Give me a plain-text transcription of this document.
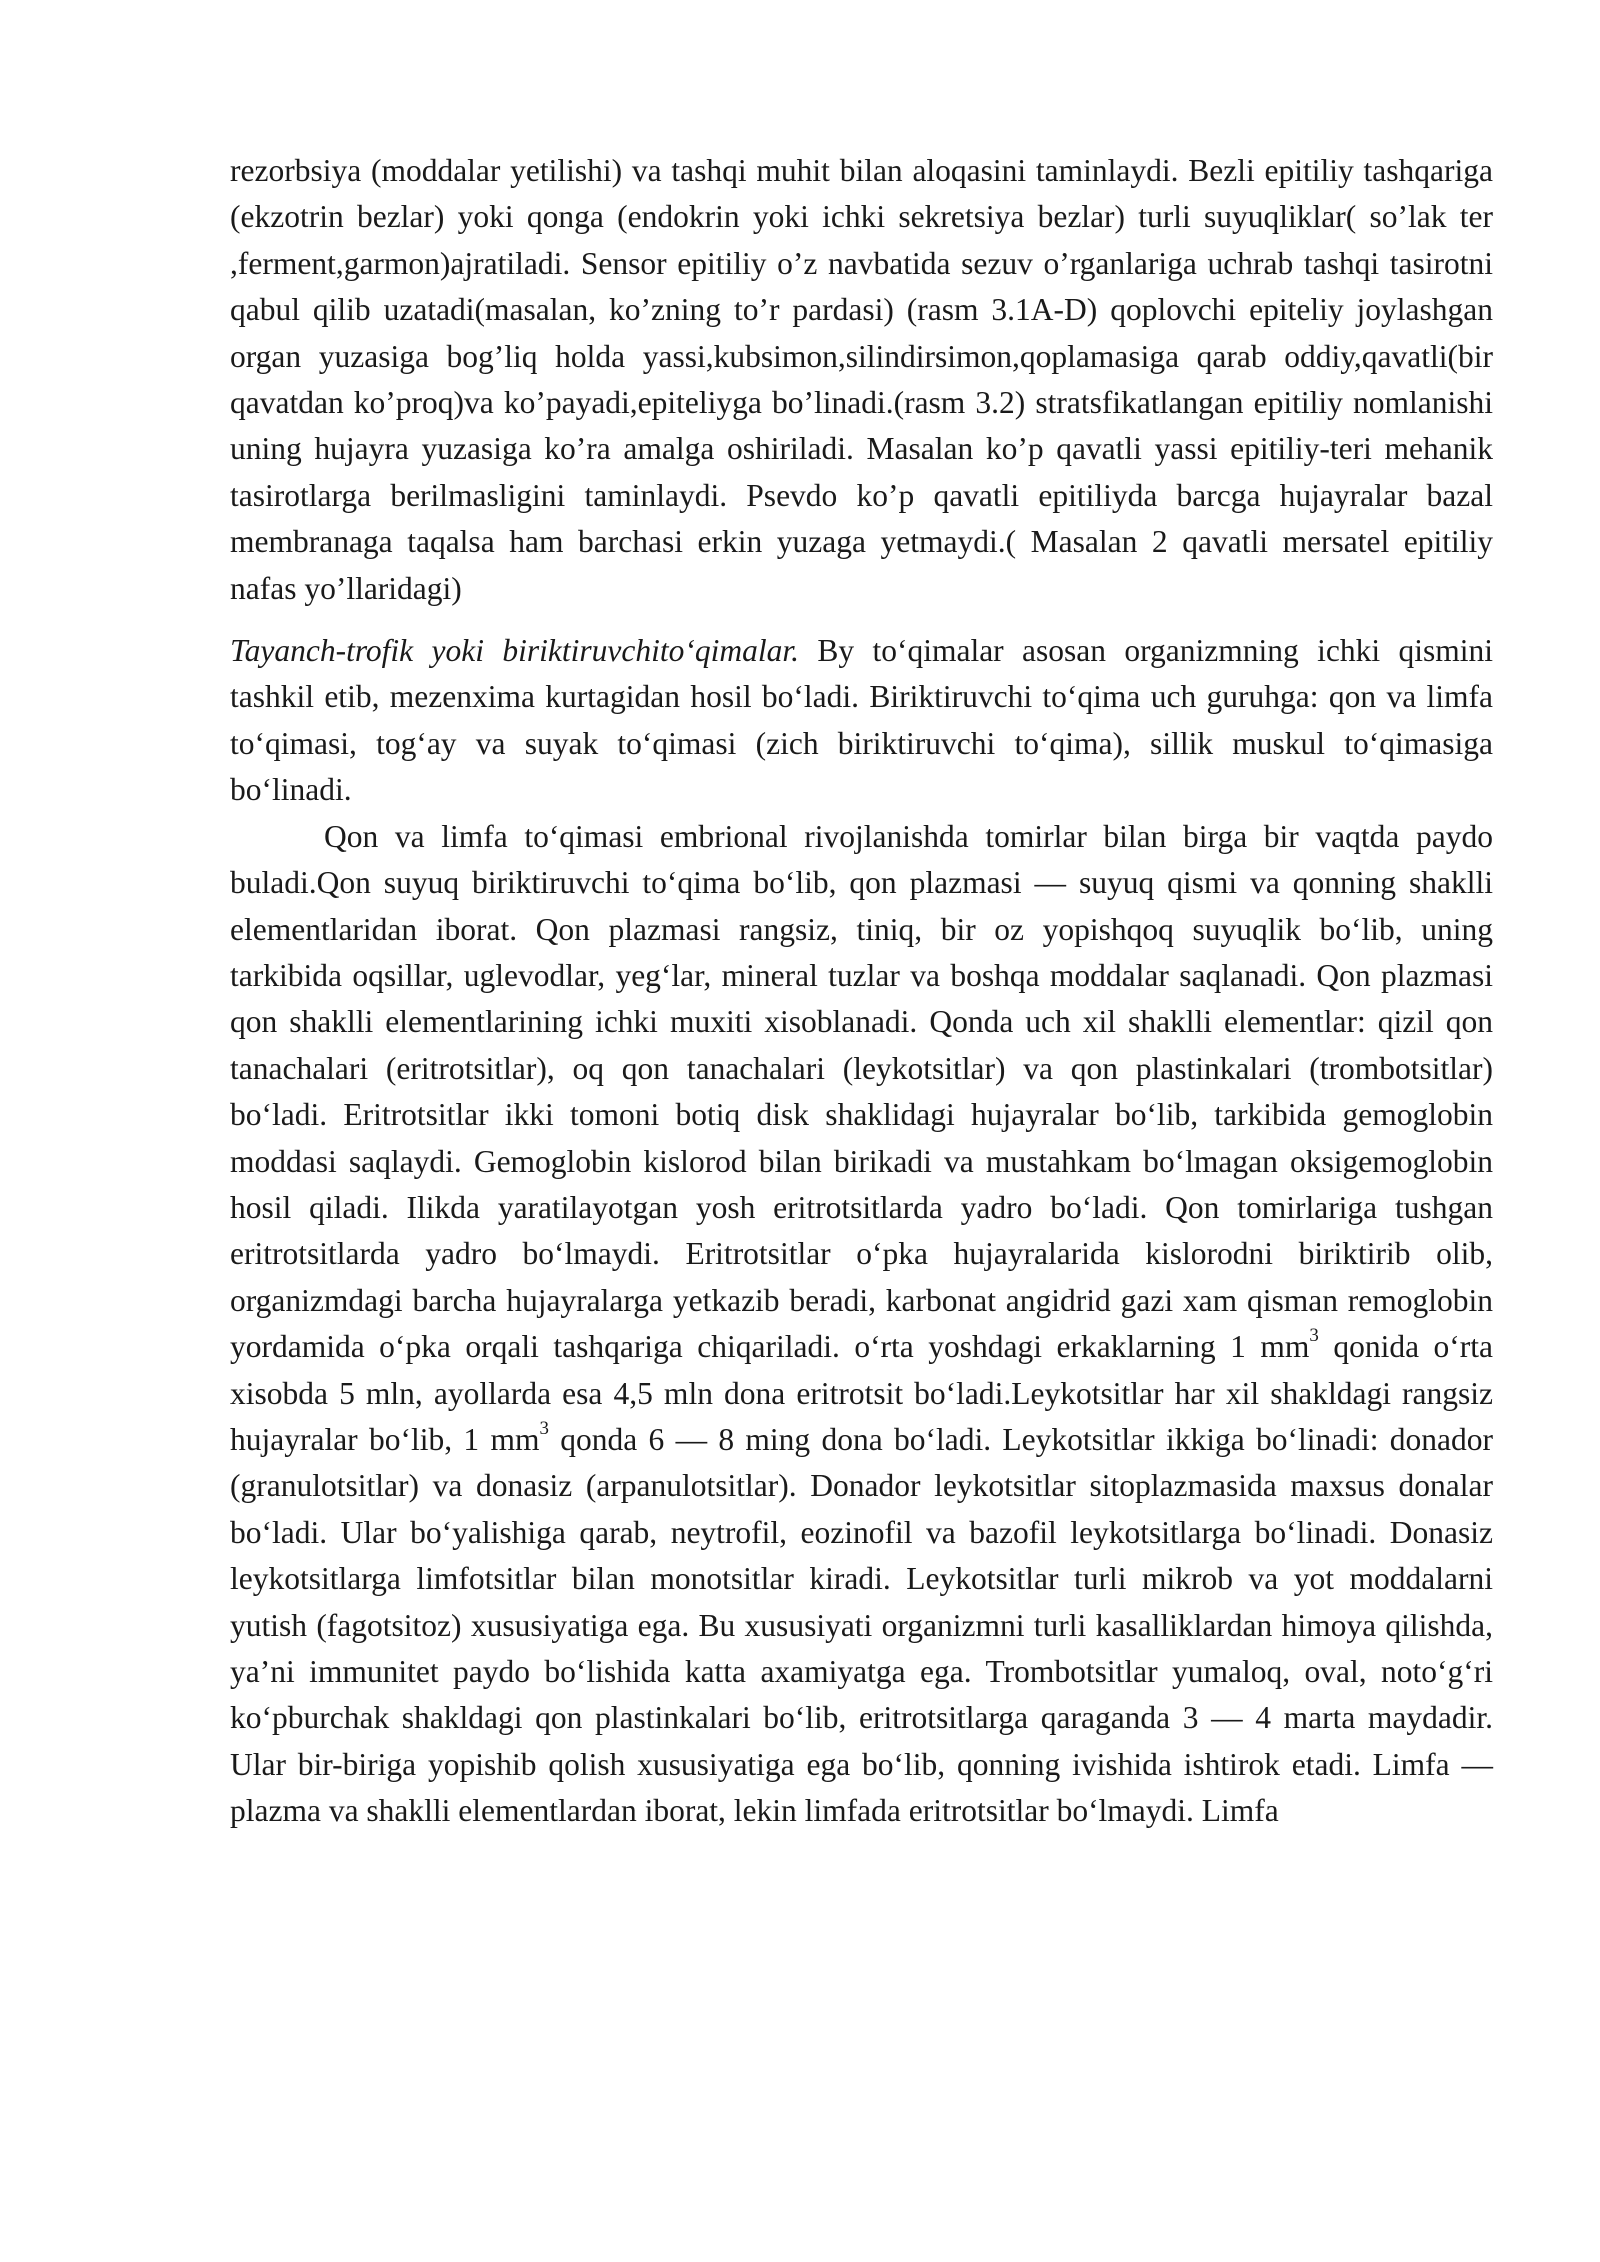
rezorbsiya (moddalar yetilishi) va tashqi muhit bilan aloqasini taminlaydi. Bezli epitiliy tashqariga (ekzotrin bezlar) yoki qonga (endokrin yoki ichki sekretsiya bezlar) turli suyuqliklar( so’lak ter ,ferment,garmon)ajratiladi. Sensor epitiliy o’z navbatida sezuv o’rganlariga uchrab tashqi tasirotni qabul qilib uzatadi(masalan, ko’zning to’r pardasi) (rasm 3.1A-D) qoplovchi epiteliy joylashgan organ yuzasiga bog’liq holda yassi,kubsimon,silindirsimon,qoplamasiga qarab oddiy,qavatli(bir qavatdan ko’proq)va ko’payadi,epiteliyga bo’linadi.(rasm 3.2) stratsfikatlangan epitiliy nomlanishi uning hujayra yuzasiga ko’ra amalga oshiriladi. Masalan ko’p qavatli yassi epitiliy-teri mehanik tasirotlarga berilmasligini taminlaydi. Psevdo ko’p qavatli epitiliyda barcga hujayralar bazal membranaga taqalsa ham barchasi erkin yuzaga yetmaydi.( Masalan 2 qavatli mersatel epitiliy nafas yo’llaridagi)

Tayanch-trofik yoki biriktiruvchito‘qimalar. By to‘qimalar asosan organizmning ichki qismini tashkil etib, mezenxima kurtagidan hosil bo‘ladi. Biriktiruvchi to‘qima uch guruhga: qon va limfa to‘qimasi, tog‘ay va suyak to‘qimasi (zich biriktiruvchi to‘qima), sillik muskul to‘qimasiga bo‘linadi.

Qon va limfa to‘qimasi embrional rivojlanishda tomirlar bilan birga bir vaqtda paydo buladi.Qon suyuq biriktiruvchi to‘qima bo‘lib, qon plazmasi — suyuq qismi va qonning shaklli elementlaridan iborat. Qon plazmasi rangsiz, tiniq, bir oz yopishqoq suyuqlik bo‘lib, uning tarkibida oqsillar, uglevodlar, yeg‘lar, mineral tuzlar va boshqa moddalar saqlanadi. Qon plazmasi qon shaklli elementlarining ichki muxiti xisoblanadi. Qonda uch xil shaklli elementlar: qizil qon tanachalari (eritrotsitlar), oq qon tanachalari (leykotsitlar) va qon plastinkalari (trombotsitlar) bo‘ladi. Eritrotsitlar ikki tomoni botiq disk shaklidagi hujayralar bo‘lib, tarkibida gemoglobin moddasi saqlaydi. Gemoglobin kislorod bilan birikadi va mustahkam bo‘lmagan oksigemoglobin hosil qiladi. Ilikda yaratilayotgan yosh eritrotsitlarda yadro bo‘ladi. Qon tomirlariga tushgan eritrotsitlarda yadro bo‘lmaydi. Eritrotsitlar o‘pka hujayralarida kislorodni biriktirib olib, organizmdagi barcha hujayralarga yetkazib beradi, karbonat angidrid gazi xam qisman remoglobin yordamida o‘pka orqali tashqariga chiqariladi. o‘rta yoshdagi erkaklarning 1 $mm^3$ qonida o‘rta xisobda 5 mln, ayollarda esa 4,5 mln dona eritrotsit bo‘ladi.Leykotsitlar har xil shakldagi rangsiz hujayralar bo‘lib, 1 $mm^3$ qonda 6 — 8 ming dona bo‘ladi. Leykotsitlar ikkiga bo‘linadi: donador (granulotsitlar) va donasiz (arpanulotsitlar). Donador leykotsitlar sitoplazmasida maxsus donalar bo‘ladi. Ular bo‘yalishiga qarab, neytrofil, eozinofil va bazofil leykotsitlarga bo‘linadi. Donasiz leykotsitlarga limfotsitlar bilan monotsitlar kiradi. Leykotsitlar turli mikrob va yot moddalarni yutish (fagotsitoz) xususiyatiga ega. Bu xususiyati organizmni turli kasalliklardan himoya qilishda, ya’ni immunitet paydo bo‘lishida katta axamiyatga ega. Trombotsitlar yumaloq, oval, noto‘g‘ri ko‘pburchak shakldagi qon plastinkalari bo‘lib, eritrotsitlarga qaraganda 3 — 4 marta maydadir. Ular bir-biriga yopishib qolish xususiyatiga ega bo‘lib, qonning ivishida ishtirok etadi. Limfa — plazma va shaklli elementlardan iborat, lekin limfada eritrotsitlar bo‘lmaydi. Limfa
